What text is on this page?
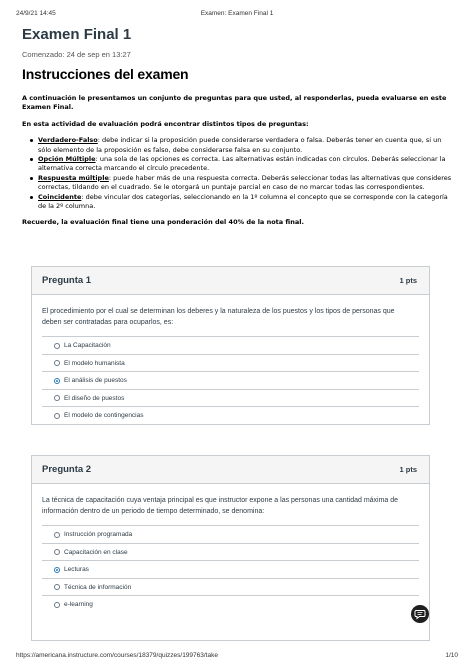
24/9/21 14:45	Examen: Examen Final 1
Examen Final 1
Comenzado: 24 de sep en 13:27
Instrucciones del examen

A continuación le presentamos un conjunto de preguntas para que usted, al responderlas, pueda evaluarse en este Examen Final.

En esta actividad de evaluación podrá encontrar distintos tipos de preguntas:

Verdadero-Falso: debe indicar si la proposición puede considerarse verdadera o falsa. Deberás tener en cuenta que, si un sólo elemento de la proposición es falso, debe considerarse falsa en su conjunto.
Opción Múltiple: una sola de las opciones es correcta. Las alternativas están indicadas con círculos. Deberás seleccionar la alternativa correcta marcando el círculo precedente.
Respuesta múltiple: puede haber más de una respuesta correcta. Deberás seleccionar todas las alternativas que consideres correctas, tildando en el cuadrado. Se le otorgará un puntaje parcial en caso de no marcar todas las correspondientes.
Coincidente: debe vincular dos categorías, seleccionando en la 1º columna el concepto que se corresponde con la categoría de la 2º columna.

Recuerde, la evaluación final tiene una ponderación del 40% de la nota final.

Pregunta 1	1 pts
El procedimiento por el cual se determinan los deberes y la naturaleza de los puestos y los tipos de personas que deben ser contratadas para ocuparlos, es:
La Capacitación
El modelo humanista
El análisis de puestos
El diseño de puestos
El modelo de contingencias
Pregunta 2	1 pts
La técnica de capacitación cuya ventaja principal es que instructor expone a las personas una cantidad máxima de información dentro de un periodo de tiempo determinado, se denomina:
Instrucción programada
Capacitación en clase
Lecturas
Técnica de información
e-learning
https://americana.instructure.com/courses/18379/quizzes/199763/take	1/10
